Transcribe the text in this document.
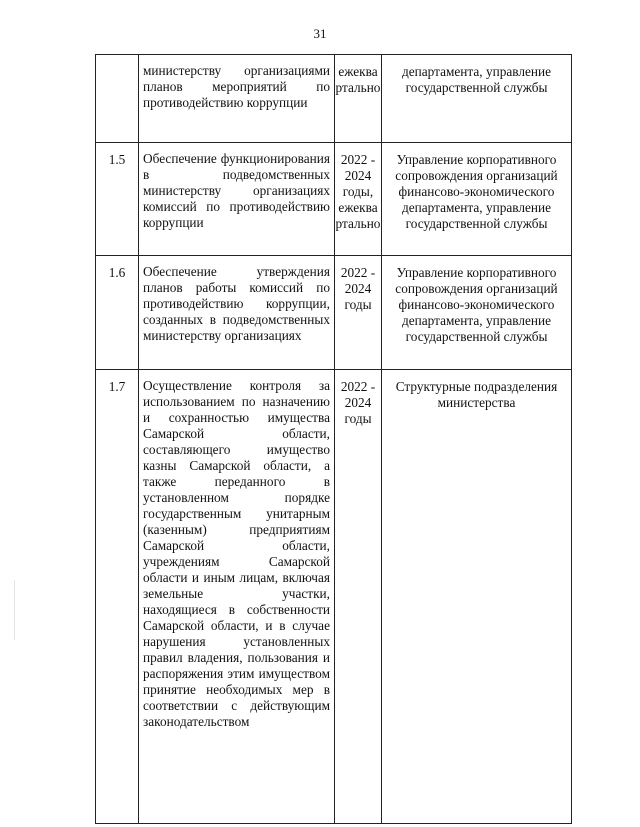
31

	министерству организациями планов мероприятий по противодействию коррупции	ежеква ртально	департамента, управление государственной службы

1.5	Обеспечение функционирования в подведомственных министерству организациях комиссий по противодействию коррупции	2022 - 2024 годы, ежеква ртально	Управление корпоративного сопровождения организаций финансово-экономического департамента, управление государственной службы

1.6	Обеспечение утверждения планов работы комиссий по противодействию коррупции, созданных в подведомственных министерству организациях	2022 - 2024 годы	Управление корпоративного сопровождения организаций финансово-экономического департамента, управление государственной службы

1.7	Осуществление контроля за использованием по назначению и сохранностью имущества Самарской области, составляющего имущество казны Самарской области, а также переданного в установленном порядке государственным унитарным (казенным) предприятиям Самарской области, учреждениям Самарской области и иным лицам, включая земельные участки, находящиеся в собственности Самарской области, и в случае нарушения установленных правил владения, пользования и распоряжения этим имуществом принятие необходимых мер в соответствии с действующим законодательством	2022 - 2024 годы	Структурные подразделения министерства
